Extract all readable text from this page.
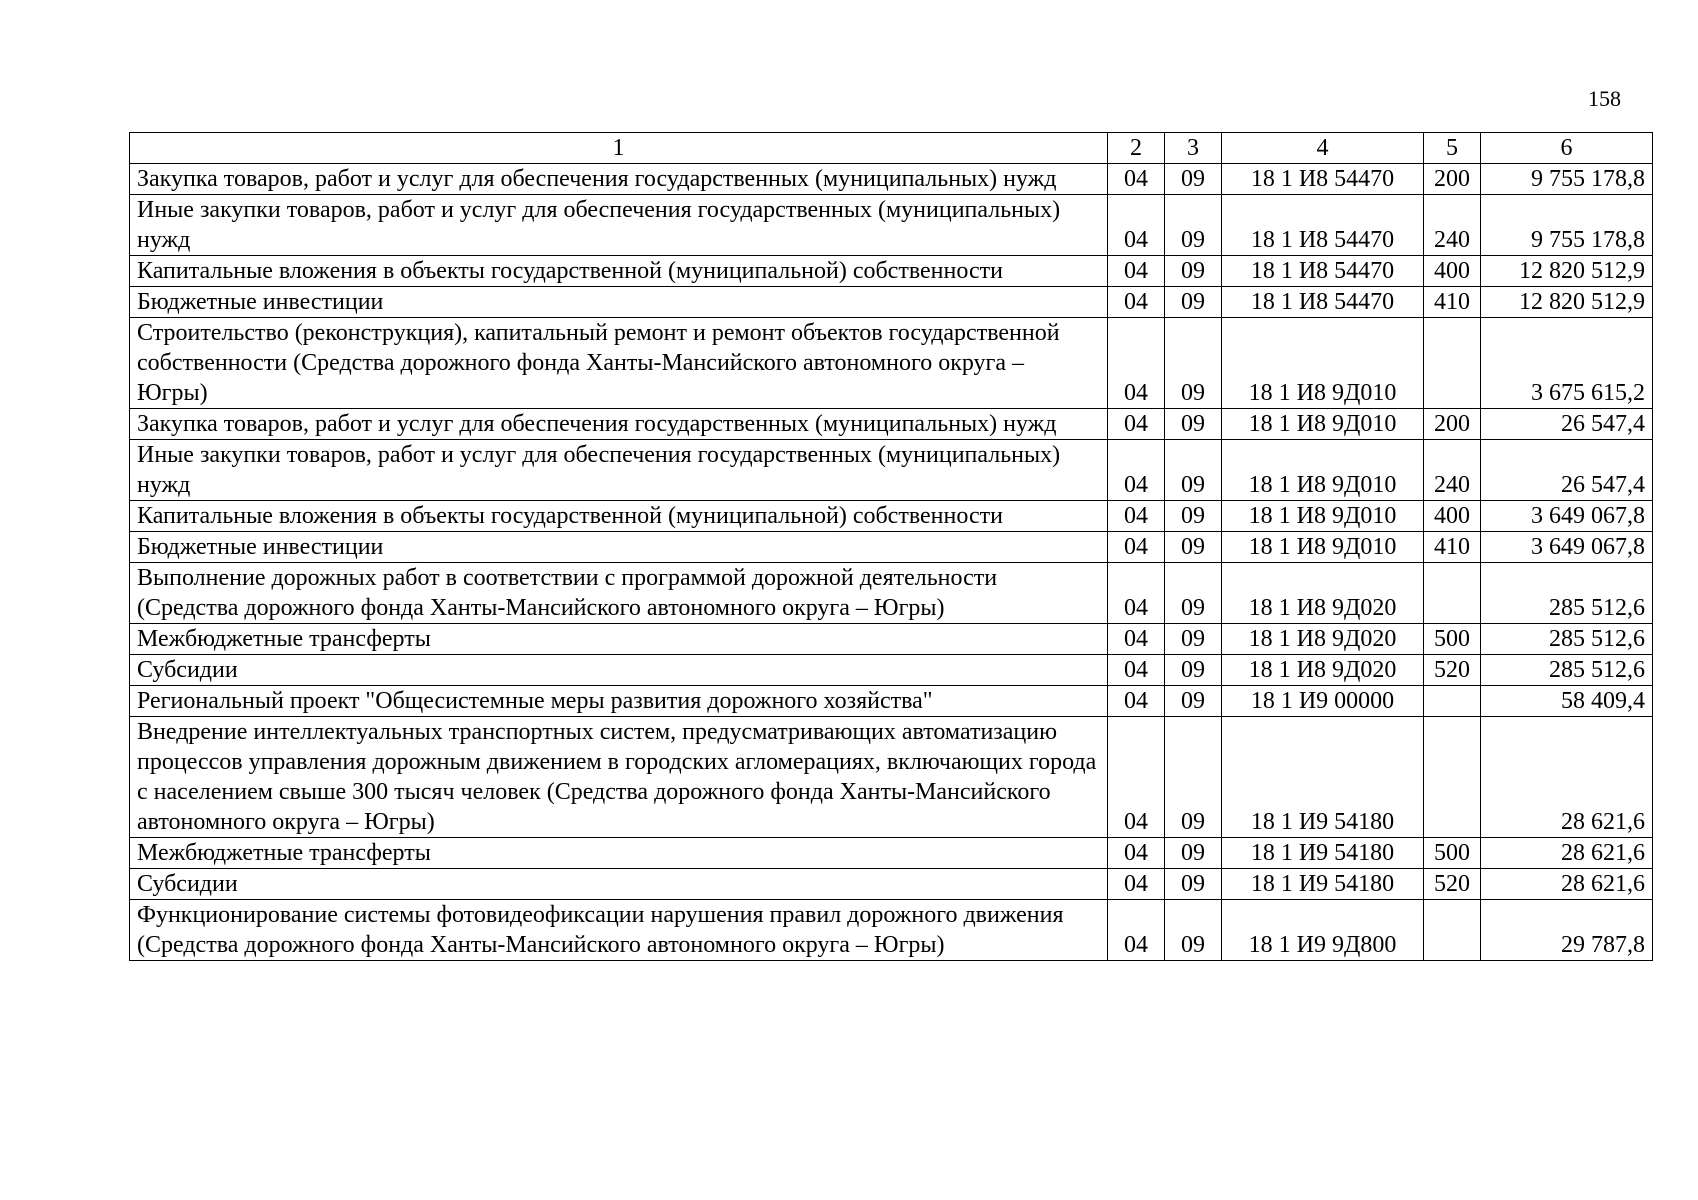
158
1	2	3	4	5	6
Закупка товаров, работ и услуг для обеспечения государственных (муниципальных) нужд	04	09	18 1 И8 54470	200	9 755 178,8
Иные закупки товаров, работ и услуг для обеспечения государственных (муниципальных) нужд	04	09	18 1 И8 54470	240	9 755 178,8
Капитальные вложения в объекты государственной (муниципальной) собственности	04	09	18 1 И8 54470	400	12 820 512,9
Бюджетные инвестиции	04	09	18 1 И8 54470	410	12 820 512,9
Строительство (реконструкция), капитальный ремонт и ремонт объектов государственной собственности (Средства дорожного фонда Ханты-Мансийского автономного округа – Югры)	04	09	18 1 И8 9Д010		3 675 615,2
Закупка товаров, работ и услуг для обеспечения государственных (муниципальных) нужд	04	09	18 1 И8 9Д010	200	26 547,4
Иные закупки товаров, работ и услуг для обеспечения государственных (муниципальных) нужд	04	09	18 1 И8 9Д010	240	26 547,4
Капитальные вложения в объекты государственной (муниципальной) собственности	04	09	18 1 И8 9Д010	400	3 649 067,8
Бюджетные инвестиции	04	09	18 1 И8 9Д010	410	3 649 067,8
Выполнение дорожных работ в соответствии с программой дорожной деятельности (Средства дорожного фонда Ханты-Мансийского автономного округа – Югры)	04	09	18 1 И8 9Д020		285 512,6
Межбюджетные трансферты	04	09	18 1 И8 9Д020	500	285 512,6
Субсидии	04	09	18 1 И8 9Д020	520	285 512,6
Региональный проект "Общесистемные меры развития дорожного хозяйства"	04	09	18 1 И9 00000		58 409,4
Внедрение интеллектуальных транспортных систем, предусматривающих автоматизацию процессов управления дорожным движением в городских агломерациях, включающих города с населением свыше 300 тысяч человек (Средства дорожного фонда Ханты-Мансийского автономного округа – Югры)	04	09	18 1 И9 54180		28 621,6
Межбюджетные трансферты	04	09	18 1 И9 54180	500	28 621,6
Субсидии	04	09	18 1 И9 54180	520	28 621,6
Функционирование системы фотовидеофиксации нарушения правил дорожного движения (Средства дорожного фонда Ханты-Мансийского автономного округа – Югры)	04	09	18 1 И9 9Д800		29 787,8
